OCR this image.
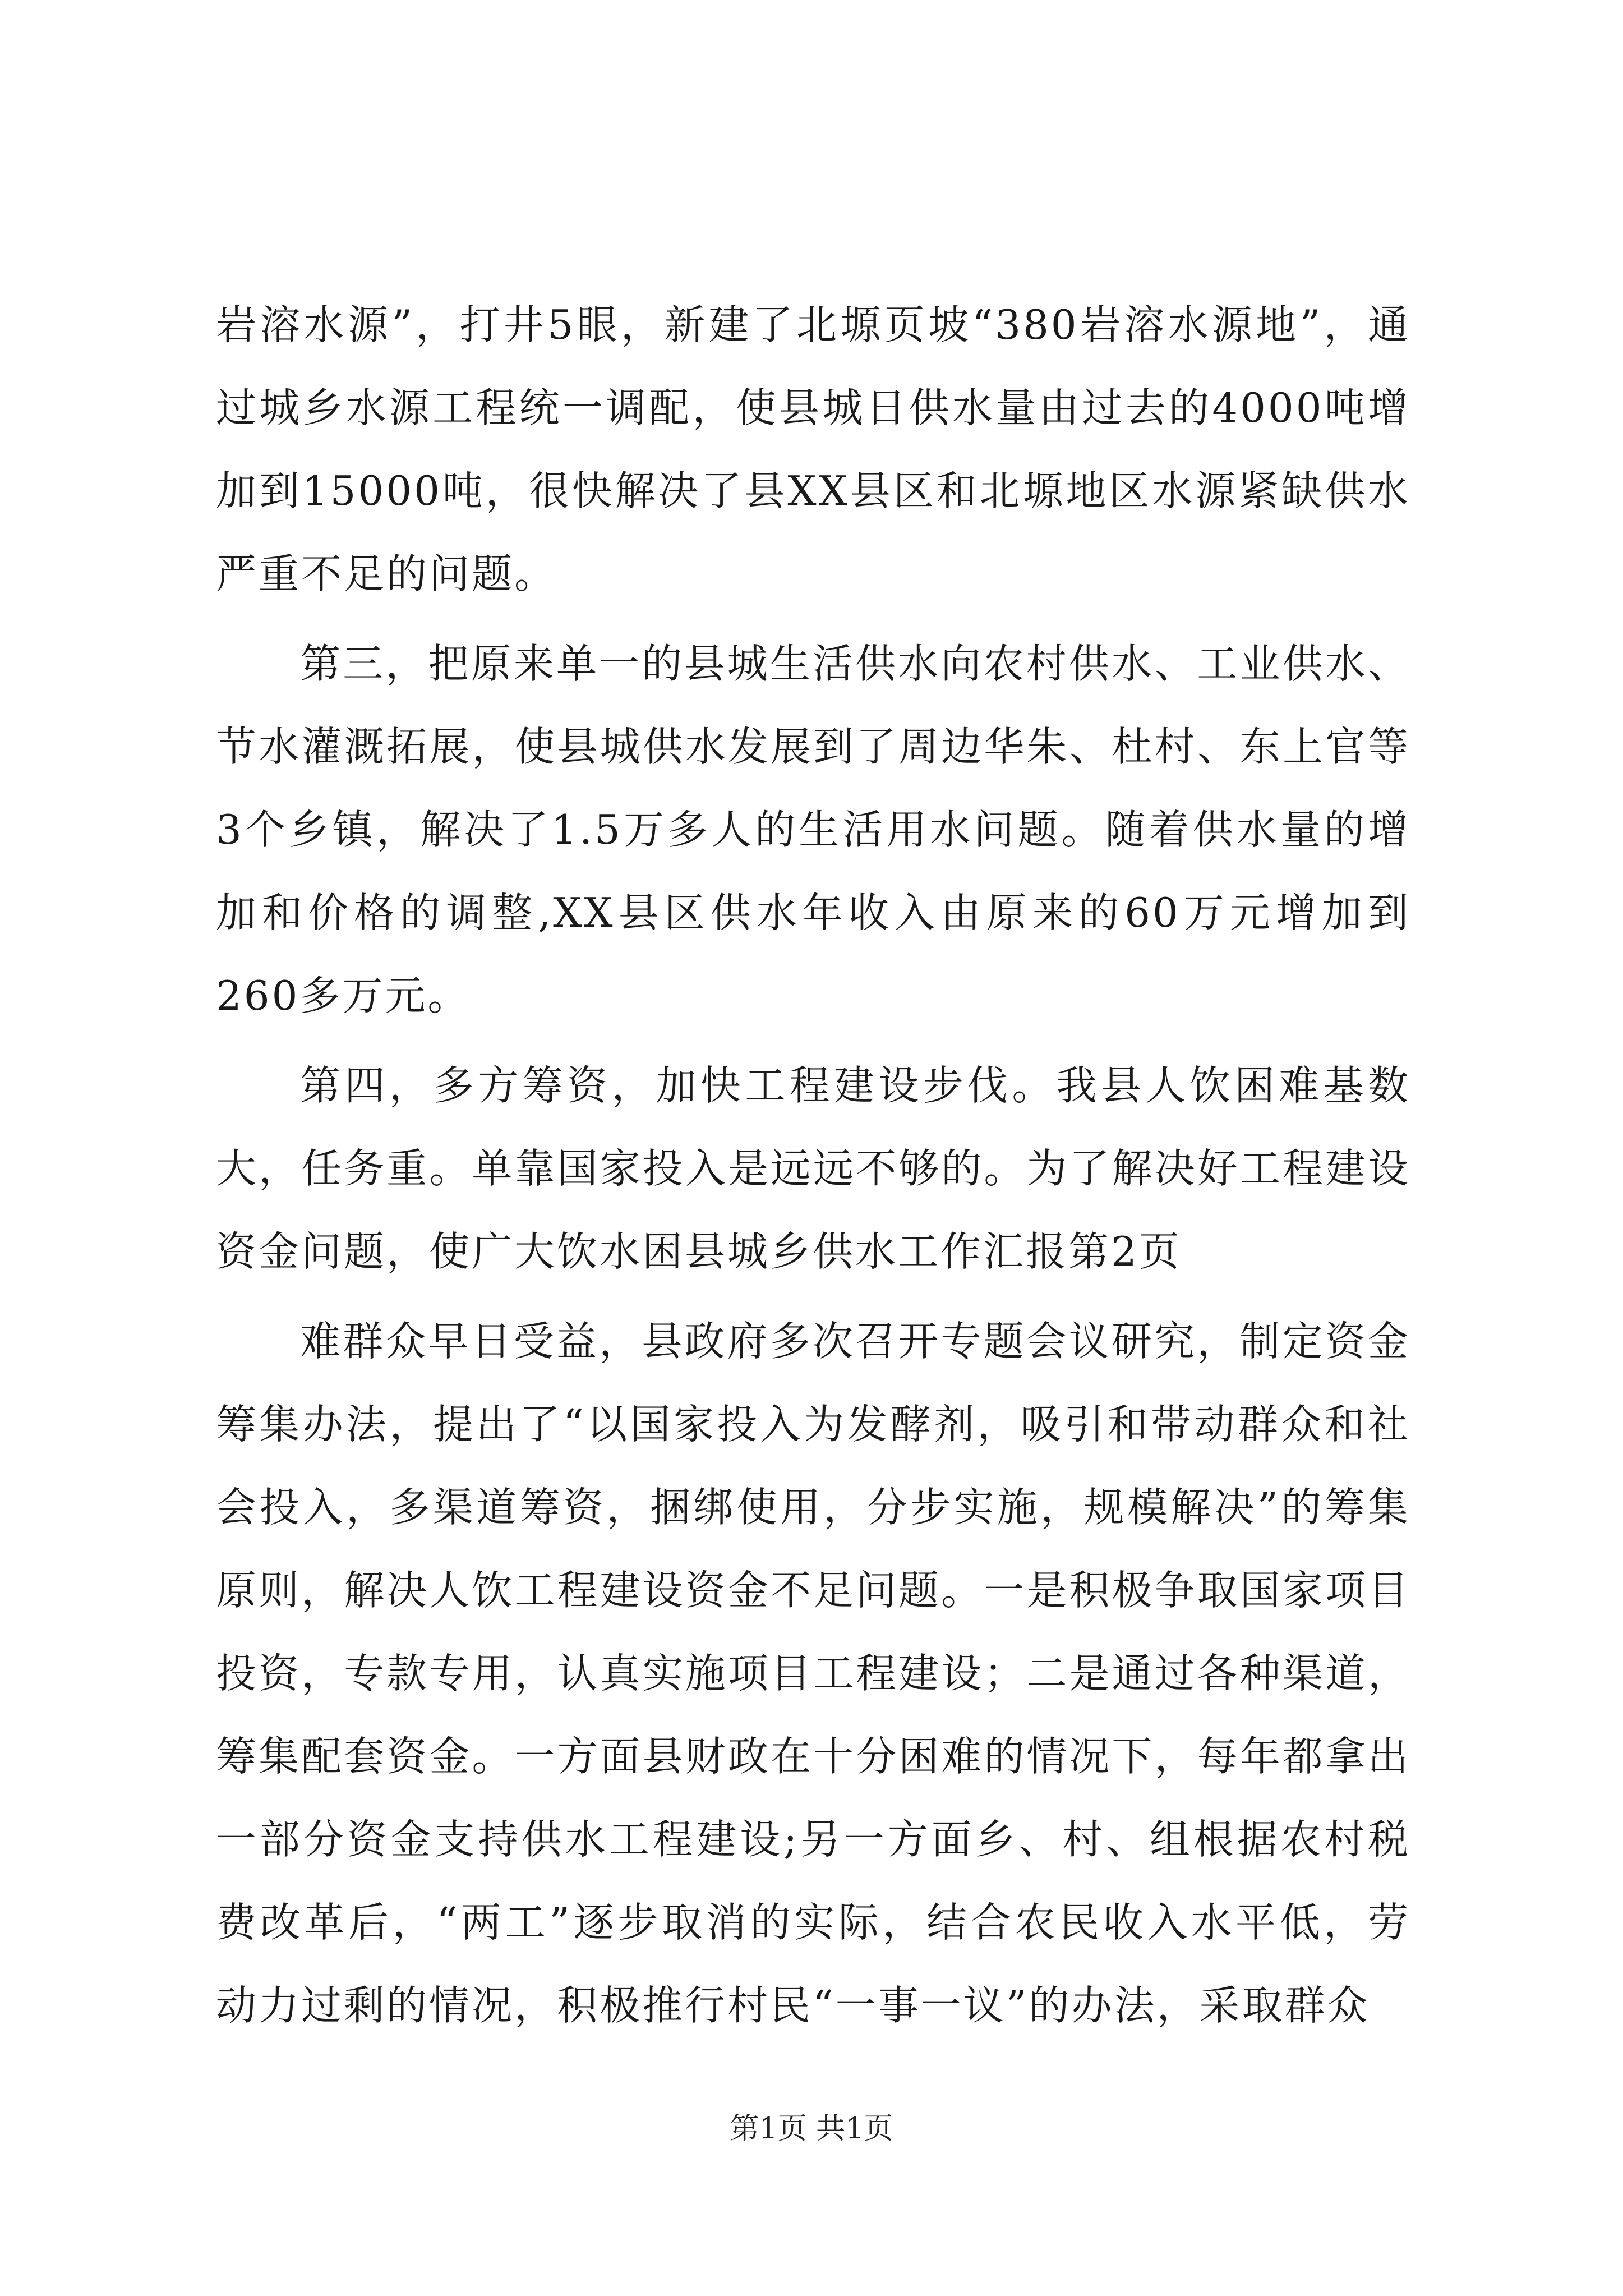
岩溶水源”，打井5眼，新建了北塬页坡“380岩溶水源地”，通过城乡水源工程统一调配，使县城日供水量由过去的4000吨增加到15000吨，很快解决了县XX县区和北塬地区水源紧缺供水严重不足的问题。

第三，把原来单一的县城生活供水向农村供水、工业供水、节水灌溉拓展，使县城供水发展到了周边华朱、杜村、东上官等3个乡镇，解决了1.5万多人的生活用水问题。随着供水量的增加和价格的调整,XX县区供水年收入由原来的60万元增加到260多万元。

第四，多方筹资，加快工程建设步伐。我县人饮困难基数大，任务重。单靠国家投入是远远不够的。为了解决好工程建设资金问题，使广大饮水困县城乡供水工作汇报第2页

难群众早日受益，县政府多次召开专题会议研究，制定资金筹集办法，提出了“以国家投入为发酵剂，吸引和带动群众和社会投入，多渠道筹资，捆绑使用，分步实施，规模解决”的筹集原则，解决人饮工程建设资金不足问题。一是积极争取国家项目投资，专款专用，认真实施项目工程建设；二是通过各种渠道，筹集配套资金。一方面县财政在十分困难的情况下，每年都拿出一部分资金支持供水工程建设;另一方面乡、村、组根据农村税费改革后，“两工”逐步取消的实际，结合农民收入水平低，劳动力过剩的情况，积极推行村民“一事一议”的办法，采取群众

第1页 共1页
